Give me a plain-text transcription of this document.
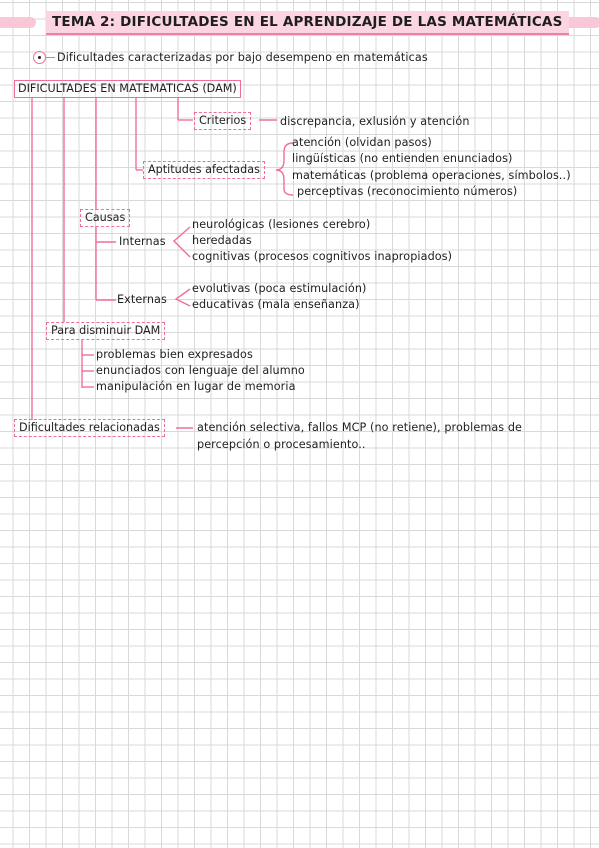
TEMA 2: DIFICULTADES EN EL APRENDIZAJE DE LAS MATEMÁTICAS
Dificultades caracterizadas por bajo desempeno en matemáticas
DIFICULTADES EN MATEMATICAS (DAM)
Criterios	discrepancia, exlusión y atención
Aptitudes afectadas
atención (olvidan pasos)
lingüísticas (no entienden enunciados)
matemáticas (problema operaciones, símbolos..)
perceptivas (reconocimiento números)
Causas
Internas
neurológicas (lesiones cerebro)
heredadas
cognitivas (procesos cognitivos inapropiados)
Externas
evolutivas (poca estimulación)
educativas (mala enseñanza)
Para disminuir DAM
problemas bien expresados
enunciados con lenguaje del alumno
manipulación en lugar de memoria
Dificultades relacionadas	atención selectiva, fallos MCP (no retiene), problemas de
percepción o procesamiento..
